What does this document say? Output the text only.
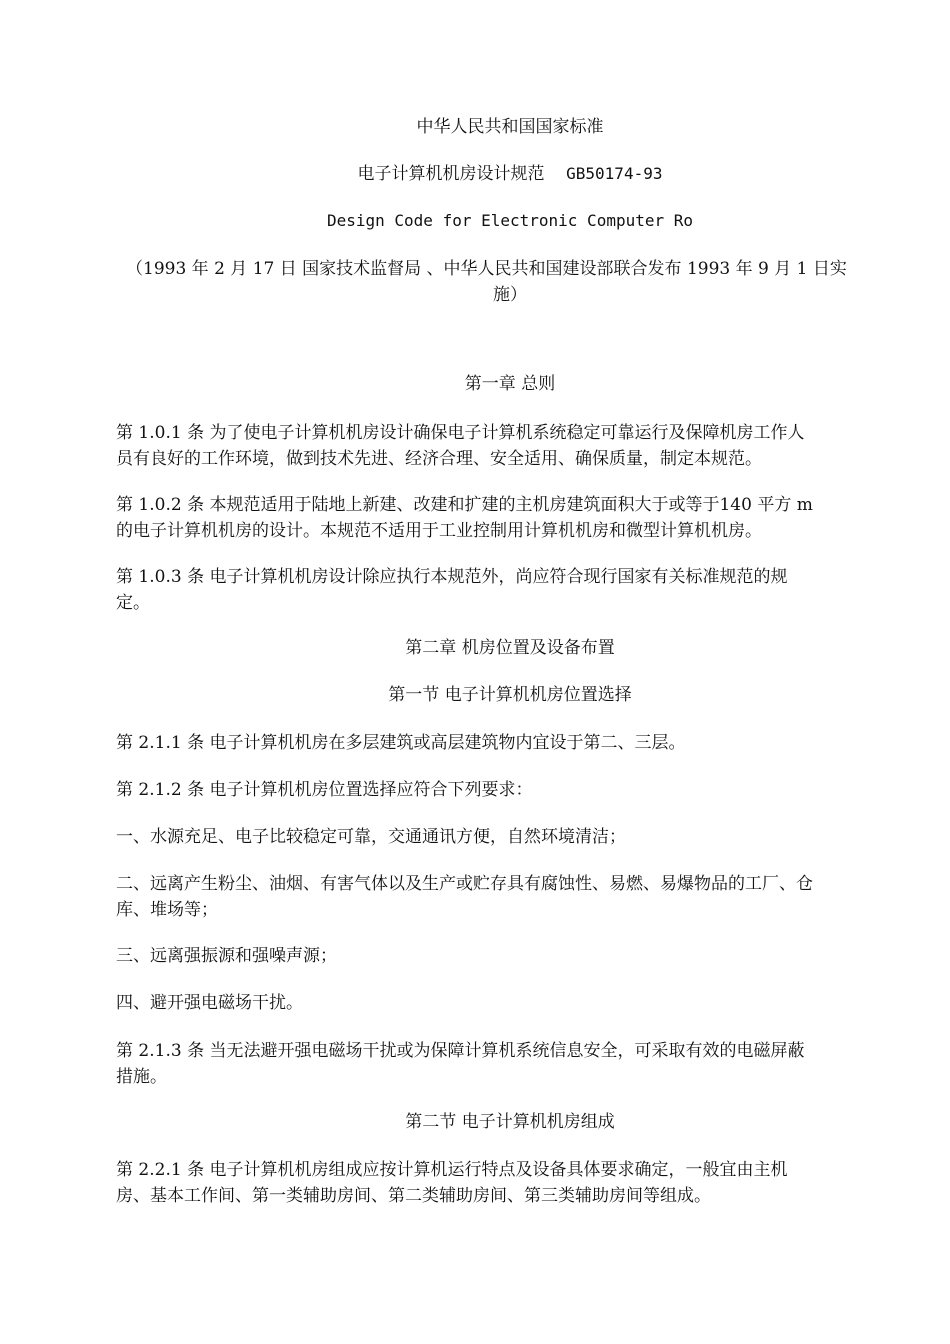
中华人民共和国国家标准
电子计算机机房设计规范 GB50174-93
Design Code for Electronic Computer Ro
（1993 年 2 月 17 日 国家技术监督局 、中华人民共和国建设部联合发布 1993 年 9 月 1 日实
施）
第一章 总则
第 1.0.1 条 为了使电子计算机机房设计确保电子计算机系统稳定可靠运行及保障机房工作人
员有良好的工作环境，做到技术先进、经济合理、安全适用、确保质量，制定本规范。
第 1.0.2 条 本规范适用于陆地上新建、改建和扩建的主机房建筑面积大于或等于140 平方 m
的电子计算机机房的设计。本规范不适用于工业控制用计算机机房和微型计算机机房。
第 1.0.3 条 电子计算机机房设计除应执行本规范外，尚应符合现行国家有关标准规范的规
定。
第二章 机房位置及设备布置
第一节 电子计算机机房位置选择
第 2.1.1 条 电子计算机机房在多层建筑或高层建筑物内宜设于第二、三层。
第 2.1.2 条 电子计算机机房位置选择应符合下列要求：
一、水源充足、电子比较稳定可靠，交通通讯方便，自然环境清洁；
二、远离产生粉尘、油烟、有害气体以及生产或贮存具有腐蚀性、易燃、易爆物品的工厂、仓
库、堆场等；
三、远离强振源和强噪声源；
四、避开强电磁场干扰。
第 2.1.3 条 当无法避开强电磁场干扰或为保障计算机系统信息安全，可采取有效的电磁屏蔽
措施。
第二节 电子计算机机房组成
第 2.2.1 条 电子计算机机房组成应按计算机运行特点及设备具体要求确定，一般宜由主机
房、基本工作间、第一类辅助房间、第二类辅助房间、第三类辅助房间等组成。
